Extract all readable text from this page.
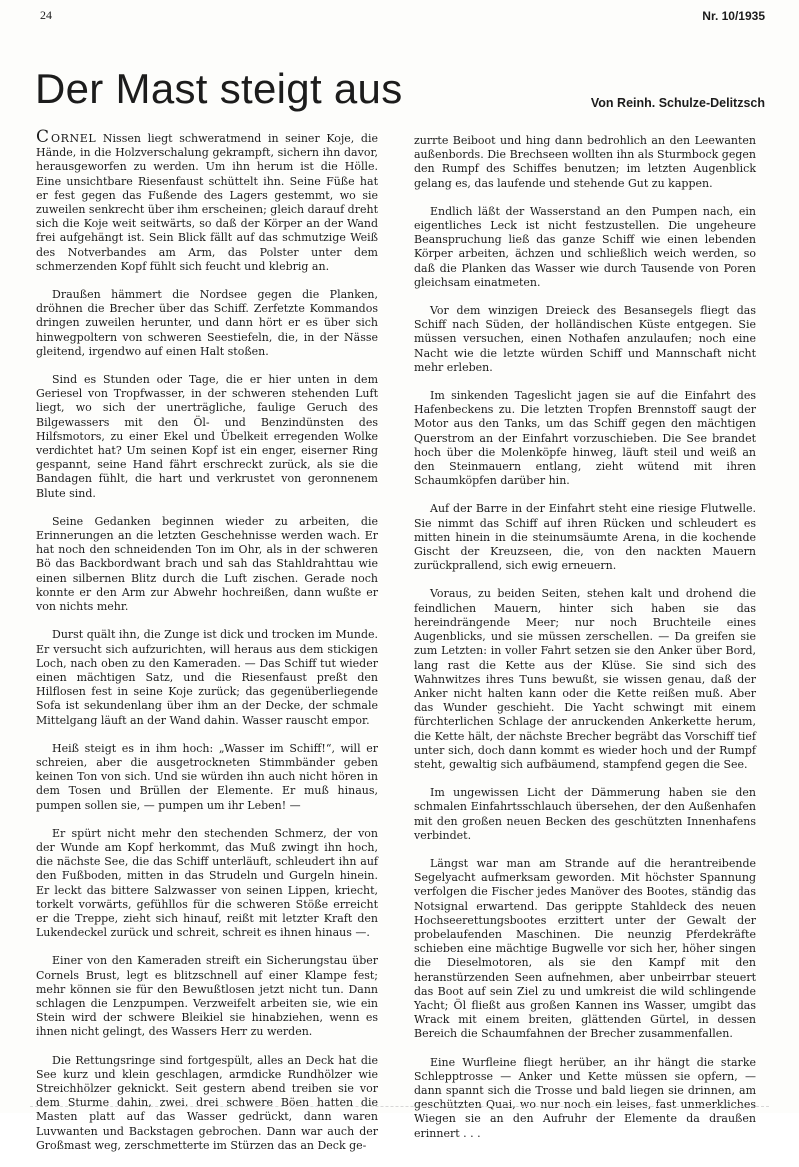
24	Nr. 10/1935
Der Mast steigt aus	Von Reinh. Schulze-Delitzsch

CORNEL Nissen liegt schweratmend in seiner Koje, die Hände, in die Holzverschalung gekrampft, sichern ihn davor, herausgeworfen zu werden. Um ihn herum ist die Hölle. Eine unsichtbare Riesenfaust schüttelt ihn. Seine Füße hat er fest gegen das Fußende des Lagers gestemmt, wo sie zuweilen senkrecht über ihm erscheinen; gleich darauf dreht sich die Koje weit seitwärts, so daß der Körper an der Wand frei aufgehängt ist. Sein Blick fällt auf das schmutzige Weiß des Notverbandes am Arm, das Polster unter dem schmerzenden Kopf fühlt sich feucht und klebrig an.

Draußen hämmert die Nordsee gegen die Planken, dröhnen die Brecher über das Schiff. Zerfetzte Kommandos dringen zuweilen herunter, und dann hört er es über sich hinwegpoltern von schweren Seestiefeln, die, in der Nässe gleitend, irgendwo auf einen Halt stoßen.

Sind es Stunden oder Tage, die er hier unten in dem Geriesel von Tropfwasser, in der schweren stehenden Luft liegt, wo sich der unerträgliche, faulige Geruch des Bilgewassers mit den Öl- und Benzindünsten des Hilfsmotors, zu einer Ekel und Übelkeit erregenden Wolke verdichtet hat? Um seinen Kopf ist ein enger, eiserner Ring gespannt, seine Hand fährt erschreckt zurück, als sie die Bandagen fühlt, die hart und verkrustet von geronnenem Blute sind.

Seine Gedanken beginnen wieder zu arbeiten, die Erinnerungen an die letzten Geschehnisse werden wach. Er hat noch den schneidenden Ton im Ohr, als in der schweren Bö das Backbordwant brach und sah das Stahldrahttau wie einen silbernen Blitz durch die Luft zischen. Gerade noch konnte er den Arm zur Abwehr hochreißen, dann wußte er von nichts mehr.

Durst quält ihn, die Zunge ist dick und trocken im Munde. Er versucht sich aufzurichten, will heraus aus dem stickigen Loch, nach oben zu den Kameraden. — Das Schiff tut wieder einen mächtigen Satz, und die Riesenfaust preßt den Hilflosen fest in seine Koje zurück; das gegenüberliegende Sofa ist sekundenlang über ihm an der Decke, der schmale Mittelgang läuft an der Wand dahin. Wasser rauscht empor.

Heiß steigt es in ihm hoch: „Wasser im Schiff!“, will er schreien, aber die ausgetrockneten Stimmbänder geben keinen Ton von sich. Und sie würden ihn auch nicht hören in dem Tosen und Brüllen der Elemente. Er muß hinaus, pumpen sollen sie, — pumpen um ihr Leben! —

Er spürt nicht mehr den stechenden Schmerz, der von der Wunde am Kopf herkommt, das Muß zwingt ihn hoch, die nächste See, die das Schiff unterläuft, schleudert ihn auf den Fußboden, mitten in das Strudeln und Gurgeln hinein. Er leckt das bittere Salzwasser von seinen Lippen, kriecht, torkelt vorwärts, gefühllos für die schweren Stöße erreicht er die Treppe, zieht sich hinauf, reißt mit letzter Kraft den Lukendeckel zurück und schreit, schreit es ihnen hinaus —.

Einer von den Kameraden streift ein Sicherungstau über Cornels Brust, legt es blitzschnell auf einer Klampe fest; mehr können sie für den Bewußtlosen jetzt nicht tun. Dann schlagen die Lenzpumpen. Verzweifelt arbeiten sie, wie ein Stein wird der schwere Bleikiel sie hinabziehen, wenn es ihnen nicht gelingt, des Wassers Herr zu werden.

Die Rettungsringe sind fortgespült, alles an Deck hat die See kurz und klein geschlagen, armdicke Rundhölzer wie Streichhölzer geknickt. Seit gestern abend treiben sie vor dem Sturme dahin, zwei, drei schwere Böen hatten die Masten platt auf das Wasser gedrückt, dann waren Luvwanten und Backstagen gebrochen. Dann war auch der Großmast weg, zerschmetterte im Stürzen das an Deck ge-

zurrte Beiboot und hing dann bedrohlich an den Leewanten außenbords. Die Brechseen wollten ihn als Sturmbock gegen den Rumpf des Schiffes benutzen; im letzten Augenblick gelang es, das laufende und stehende Gut zu kappen.

Endlich läßt der Wasserstand an den Pumpen nach, ein eigentliches Leck ist nicht festzustellen. Die ungeheure Beanspruchung ließ das ganze Schiff wie einen lebenden Körper arbeiten, ächzen und schließlich weich werden, so daß die Planken das Wasser wie durch Tausende von Poren gleichsam einatmeten.

Vor dem winzigen Dreieck des Besansegels fliegt das Schiff nach Süden, der holländischen Küste entgegen. Sie müssen versuchen, einen Nothafen anzulaufen; noch eine Nacht wie die letzte würden Schiff und Mannschaft nicht mehr erleben.

Im sinkenden Tageslicht jagen sie auf die Einfahrt des Hafenbeckens zu. Die letzten Tropfen Brennstoff saugt der Motor aus den Tanks, um das Schiff gegen den mächtigen Querstrom an der Einfahrt vorzuschieben. Die See brandet hoch über die Molenköpfe hinweg, läuft steil und weiß an den Steinmauern entlang, zieht wütend mit ihren Schaumköpfen darüber hin.

Auf der Barre in der Einfahrt steht eine riesige Flutwelle. Sie nimmt das Schiff auf ihren Rücken und schleudert es mitten hinein in die steinumsäumte Arena, in die kochende Gischt der Kreuzseen, die, von den nackten Mauern zurückprallend, sich ewig erneuern.

Voraus, zu beiden Seiten, stehen kalt und drohend die feindlichen Mauern, hinter sich haben sie das hereindrängende Meer; nur noch Bruchteile eines Augenblicks, und sie müssen zerschellen. — Da greifen sie zum Letzten: in voller Fahrt setzen sie den Anker über Bord, lang rast die Kette aus der Klüse. Sie sind sich des Wahnwitzes ihres Tuns bewußt, sie wissen genau, daß der Anker nicht halten kann oder die Kette reißen muß. Aber das Wunder geschieht. Die Yacht schwingt mit einem fürchterlichen Schlage der anruckenden Ankerkette herum, die Kette hält, der nächste Brecher begräbt das Vorschiff tief unter sich, doch dann kommt es wieder hoch und der Rumpf steht, gewaltig sich aufbäumend, stampfend gegen die See.

Im ungewissen Licht der Dämmerung haben sie den schmalen Einfahrtsschlauch übersehen, der den Außenhafen mit den großen neuen Becken des geschützten Innenhafens verbindet.

Längst war man am Strande auf die herantreibende Segelyacht aufmerksam geworden. Mit höchster Spannung verfolgen die Fischer jedes Manöver des Bootes, ständig das Notsignal erwartend. Das gerippte Stahldeck des neuen Hochseerettungsbootes erzittert unter der Gewalt der probelaufenden Maschinen. Die neunzig Pferdekräfte schieben eine mächtige Bugwelle vor sich her, höher singen die Dieselmotoren, als sie den Kampf mit den heranstürzenden Seen aufnehmen, aber unbeirrbar steuert das Boot auf sein Ziel zu und umkreist die wild schlingende Yacht; Öl fließt aus großen Kannen ins Wasser, umgibt das Wrack mit einem breiten, glättenden Gürtel, in dessen Bereich die Schaumfahnen der Brecher zusammenfallen.

Eine Wurfleine fliegt herüber, an ihr hängt die starke Schlepptrosse — Anker und Kette müssen sie opfern, — dann spannt sich die Trosse und bald liegen sie drinnen, am geschützten Quai, wo nur noch ein leises, fast unmerkliches Wiegen sie an den Aufruhr der Elemente da draußen erinnert . . .
